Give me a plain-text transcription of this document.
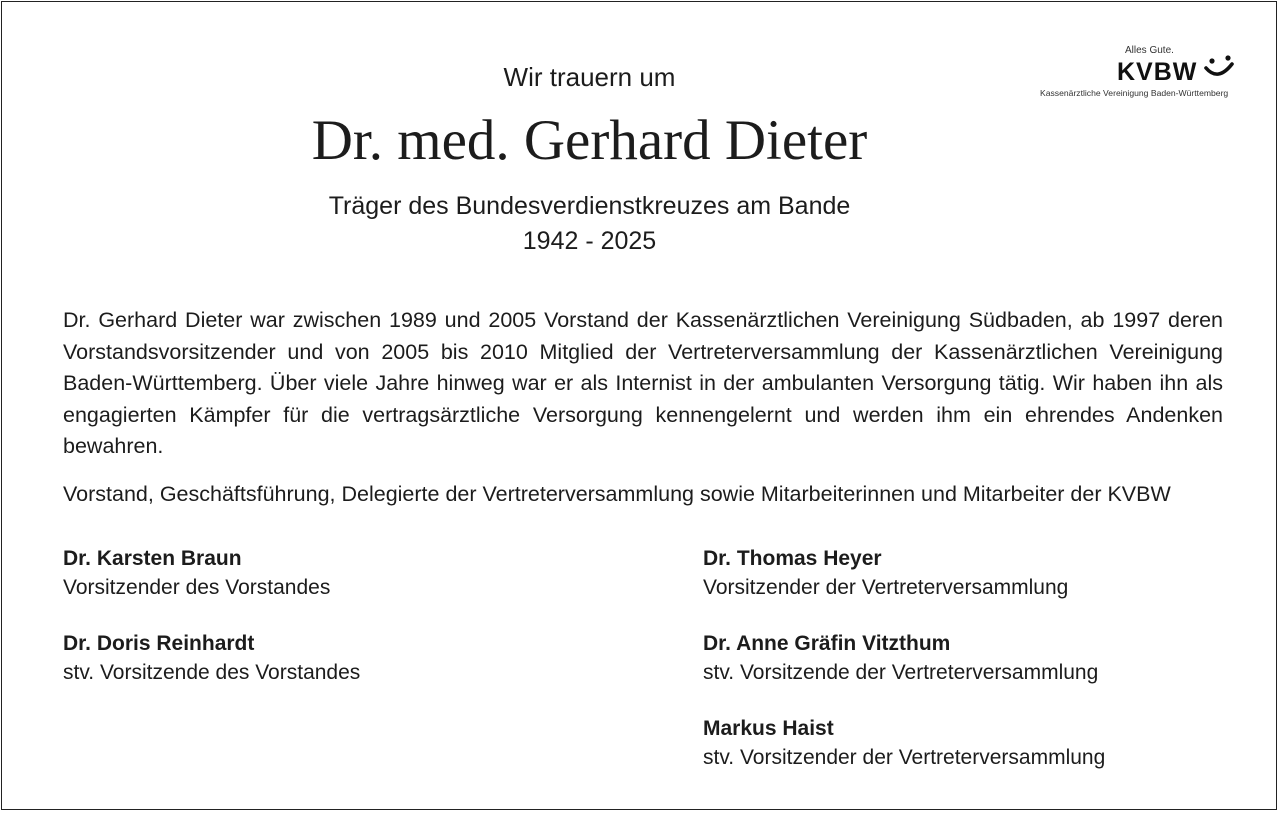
Alles Gute.
KVBW
Kassenärztliche Vereinigung Baden-Württemberg
Wir trauern um
Dr. med. Gerhard Dieter
Träger des Bundesverdienstkreuzes am Bande
1942 - 2025

Dr. Gerhard Dieter war zwischen 1989 und 2005 Vorstand der Kassenärztlichen Vereinigung Südbaden, ab 1997 deren Vorstandsvorsitzender und von 2005 bis 2010 Mitglied der Vertreterversammlung der Kassenärztlichen Vereinigung Baden-Württemberg. Über viele Jahre hinweg war er als Internist in der ambulanten Versorgung tätig. Wir haben ihn als engagierten Kämpfer für die vertragsärztliche Versorgung kennengelernt und werden ihm ein ehrendes Andenken bewahren.

Vorstand, Geschäftsführung, Delegierte der Vertreterversammlung sowie Mitarbeiterinnen und Mitarbeiter der KVBW
Dr. Karsten Braun
Vorsitzender des Vorstandes
Dr. Doris Reinhardt
stv. Vorsitzende des Vorstandes
Dr. Thomas Heyer
Vorsitzender der Vertreterversammlung
Dr. Anne Gräfin Vitzthum
stv. Vorsitzende der Vertreterversammlung
Markus Haist
stv. Vorsitzender der Vertreterversammlung
